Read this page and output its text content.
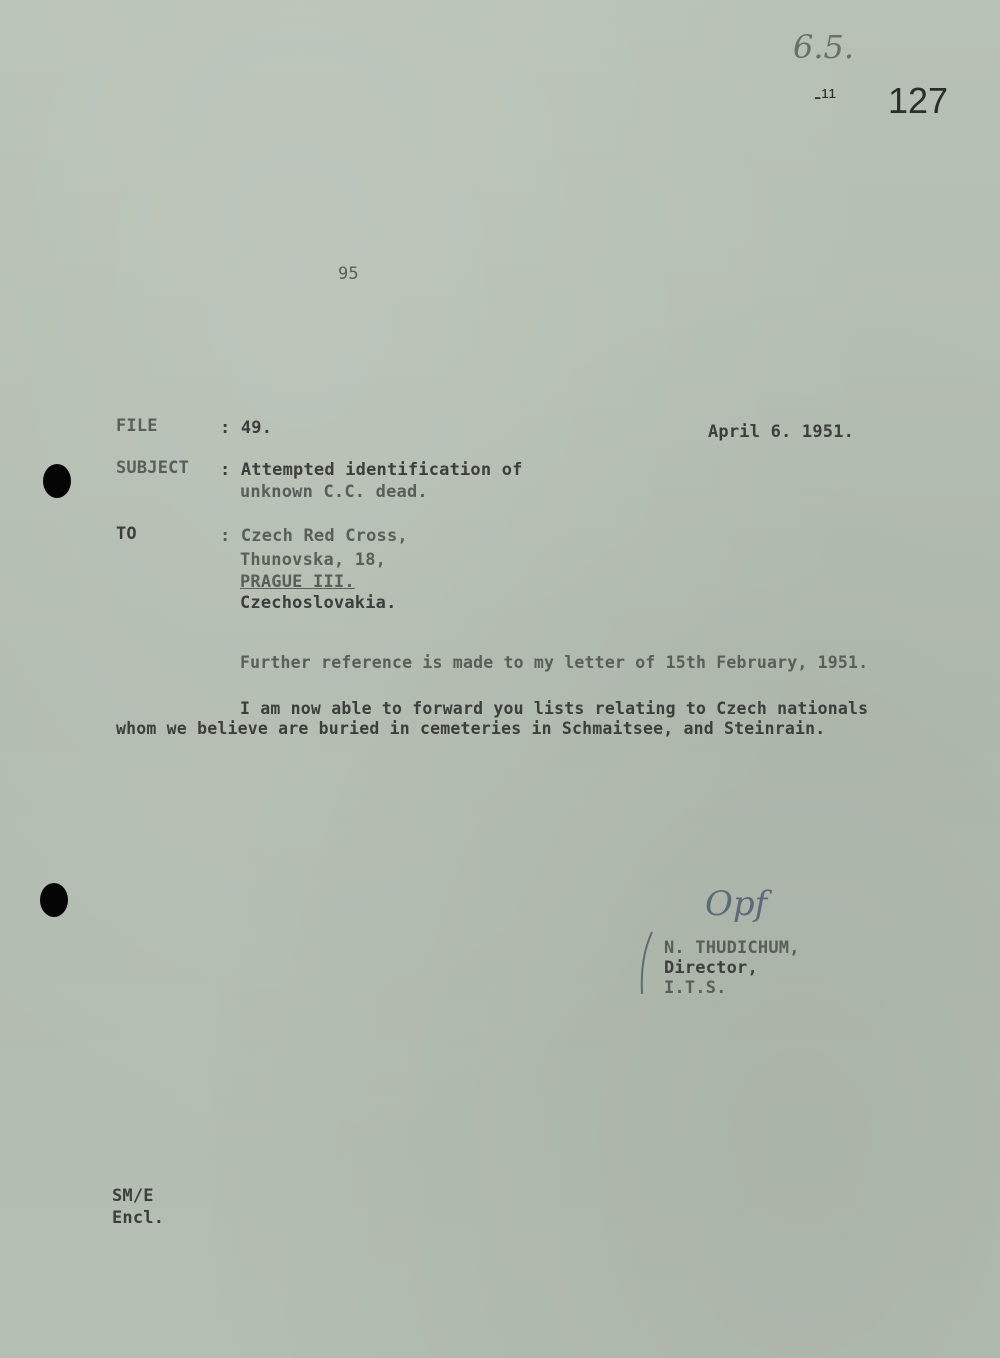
6.5.
-¹¹ 127
95
FILE	: 49.	April 6. 1951.
SUBJECT : Attempted identification of
unknown C.C. dead.
TO	: Czech Red Cross,
Thunovska, 18,
PRAGUE III.
Czechoslovakia.
Further reference is made to my letter of 15th February, 1951.
I am now able to forward you lists relating to Czech nationals
whom we believe are buried in cemeteries in Schmaitsee, and Steinrain.
Opf
N. THUDICHUM,
Director,
I.T.S.
SM/E
Encl.
